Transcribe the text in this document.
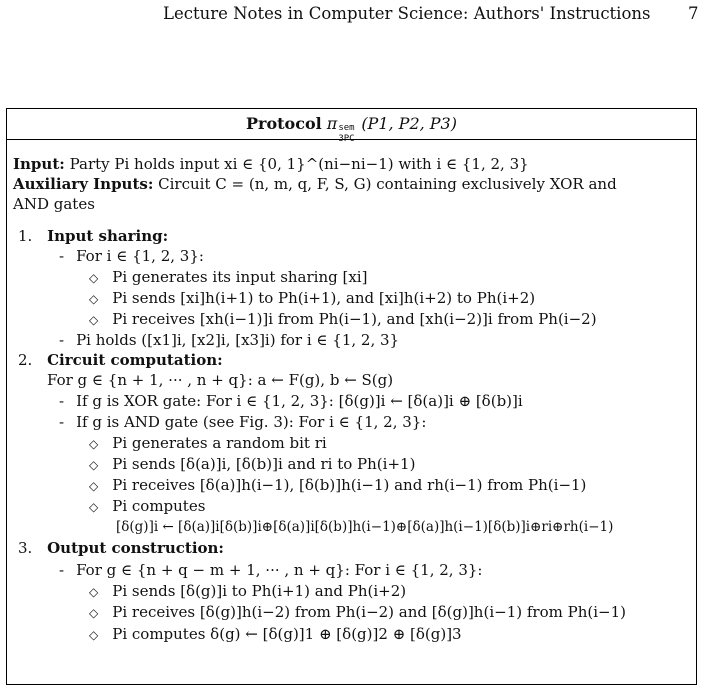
Lecture Notes in Computer Science: Authors' Instructions 7
Protocol π sem
3PC
(P1, P2, P3)
Input: Party Pi holds input xi ∈ {0, 1}^(ni−ni−1) with i ∈ {1, 2, 3}
Auxiliary Inputs: Circuit C = (n, m, q, F, S, G) containing exclusively XOR and
AND gates
1. Input sharing:
- For i ∈ {1, 2, 3}:
◇ Pi generates its input sharing [xi]
◇ Pi sends [xi]h(i+1) to Ph(i+1), and [xi]h(i+2) to Ph(i+2)
◇ Pi receives [xh(i−1)]i from Ph(i−1), and [xh(i−2)]i from Ph(i−2)
- Pi holds ([x1]i, [x2]i, [x3]i) for i ∈ {1, 2, 3}
2. Circuit computation:
For g ∈ {n + 1, ··· , n + q}: a ← F(g), b ← S(g)
- If g is XOR gate: For i ∈ {1, 2, 3}: [δ(g)]i ← [δ(a)]i ⊕ [δ(b)]i
- If g is AND gate (see Fig. 3): For i ∈ {1, 2, 3}:
◇ Pi generates a random bit ri
◇ Pi sends [δ(a)]i, [δ(b)]i and ri to Ph(i+1)
◇ Pi receives [δ(a)]h(i−1), [δ(b)]h(i−1) and rh(i−1) from Ph(i−1)
◇ Pi computes
[δ(g)]i ← [δ(a)]i[δ(b)]i⊕[δ(a)]i[δ(b)]h(i−1)⊕[δ(a)]h(i−1)[δ(b)]i⊕ri⊕rh(i−1)
3. Output construction:
- For g ∈ {n + q − m + 1, ··· , n + q}: For i ∈ {1, 2, 3}:
◇ Pi sends [δ(g)]i to Ph(i+1) and Ph(i+2)
◇ Pi receives [δ(g)]h(i−2) from Ph(i−2) and [δ(g)]h(i−1) from Ph(i−1)
◇ Pi computes δ(g) ← [δ(g)]1 ⊕ [δ(g)]2 ⊕ [δ(g)]3
